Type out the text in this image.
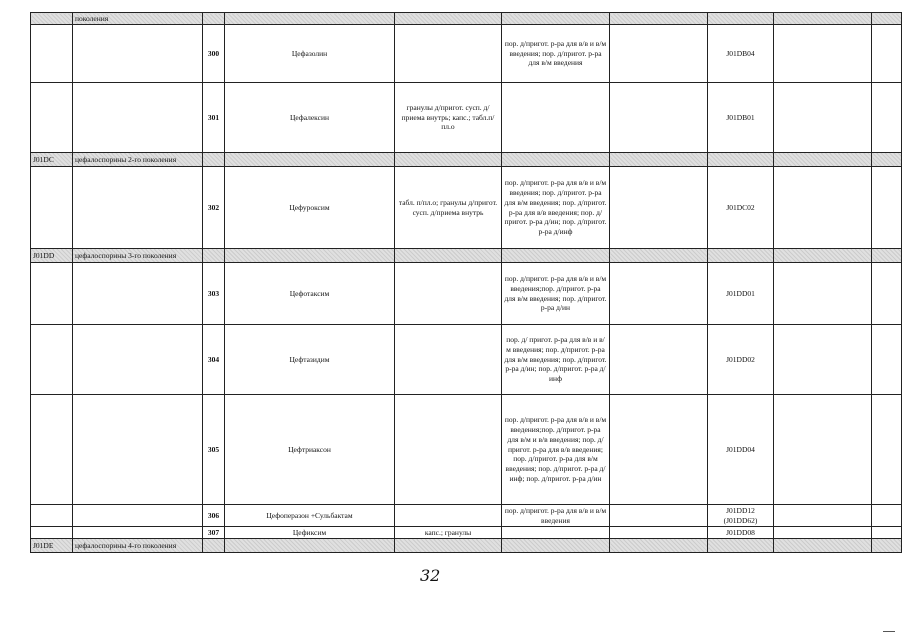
	поколения								
		300	Цефазолин		пор. д/пригот. р-ра для в/в и в/м введения; пор. д/пригот. р-ра для в/м введения		J01DB04		
		301	Цефалексин	гранулы д/пригот. сусп. д/приема внутрь; капс.; табл.п/пл.о			J01DB01		
J01DC	цефалоспорины 2-го поколения								
		302	Цефуроксим	табл. п/пл.о; гранулы д/пригот. сусп. д/приема внутрь	пор. д/пригот. р-ра для в/в и в/м введения; пор. д/пригот. р-ра для в/м введения; пор. д/пригот. р-ра для в/в введения; пор. д/пригот. р-ра д/ин; пор. д/пригот. р-ра д/инф		J01DC02		
J01DD	цефалоспорины 3-го поколения								
		303	Цефотаксим		пор. д/пригот. р-ра для в/в и в/м введения;пор. д/пригот. р-ра для в/м введения; пор. д/пригот. р-ра д/ин		J01DD01		
		304	Цефтазидим		пор. д/ пригот. р-ра для в/в и в/м введения; пор. д/пригот. р-ра для в/м введения; пор. д/пригот. р-ра д/ин; пор. д/пригот. р-ра д/инф		J01DD02		
		305	Цефтриаксон		пор. д/пригот. р-ра для в/в и в/м введения;пор. д/пригот. р-ра для в/м и в/в введения; пор. д/пригот. р-ра для в/в введения; пор. д/пригот. р-ра для в/м введения; пор. д/пригот. р-ра д/инф; пор. д/пригот. р-ра д/ин		J01DD04		
		306	Цефоперазон +Сульбактам		пор. д/пригот. р-ра для в/в и в/м введения		J01DD12 (J01DD62)		
		307	Цефиксим	капс.; гранулы			J01DD08		
J01DE	цефалоспорины 4-го поколения								
32
